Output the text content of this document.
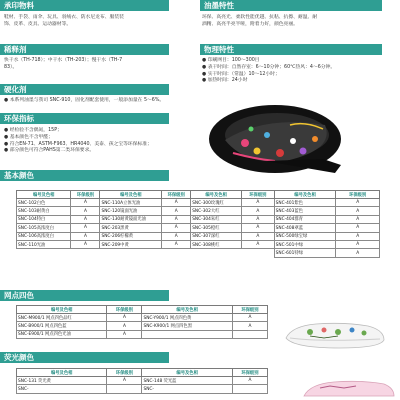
承印物料
鞋材、手袋、雨伞、玩具、羽绒衣、防水尼龙布、服装装
饰、皮革、皮具、运动器材等。
稀释剂
快干水（TH-718）；中干水（TH-203）；慢干水（TH-7
83）。
硬化剂
● 本系列油墨与我司 SNC-910，固化剂配套使用，一般添加量在 5～6%。
环保指标
● 经检验不含偶氮，15P；
● 基本颜色不含甲醛；
● 符合EN-71、ASTM-F963、HR4040、美泰、孩之宝等环保标准；
● 部分颜色可符合PAHS第二类环保要求。
油墨特性
环保、高亮光、柔软性能优越、抗粘、抗擦、耐温、耐
酒精、高亮半亮半哑，附着力好，颜色亮丽。
物理特性
● 印刷网目：100～300目
● 表干时间：自然存室：6～10分钟；60℃热风：4～6分钟。
● 实干时间：（常温）10～12小时；
● 加热时间：24小时
基本颜色
编号及色相	环保级别	编号及色相	环保级别	编号及色相	环保级别	编号及色相	环保级别
SNC-102白色	A	SNC-110A立体光油	A	SNC-300玫瑰红	A	SNC-401紫色	A
SNC-103耐黄白	A	SNC-120镜面光油	A	SNC-302大红	A	SNC-403蓝色	A
SNC-104特白	A	SNC-130耐黄镜面光油	A	SNC-304朱红	A	SNC-404群青	A
SNC-105高浓度白	A	SNC-203黑黄	A	SNC-305橙红	A	SNC-408翠蓝	A
SNC-106高浓度白	A	SNC-206柠檬黄	A	SNC-307深红	A	SNC-500绿宝绿	A
SNC-110光油	A	SNC-209中黄	A	SNC-308桃红	A	SNC-501中绿	A
						SNC-601特绿	A
网点四色
编号及色相	环保级别	编号及色相	环保级别
SNC-M900/1 网点四色品红	A	SNC-Y900/1 网点四色黄	A
SNC-B900/1 网点四色蓝	A	SNC-K900/1 网点四色黑	A
SNC-E900/1 网点四色光油	A		
荧光颜色
编号及色相	环保级别	编号及色相	环保级别
SNC-131 荧光黄	A	SNC-148 荧光蓝	A
SNC-		SNC-	
